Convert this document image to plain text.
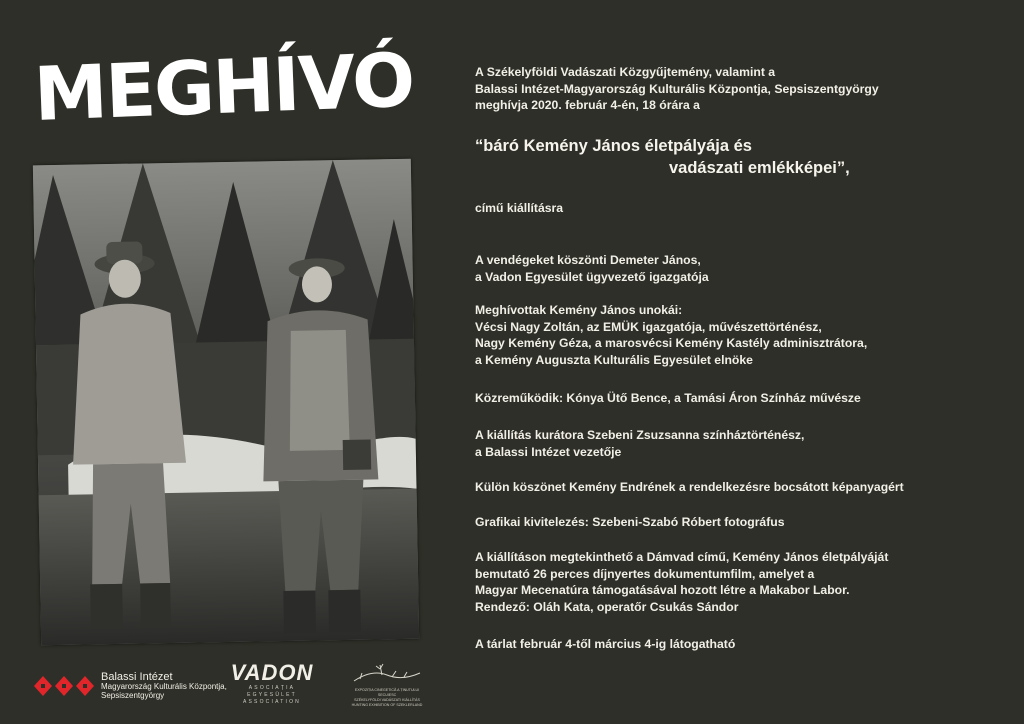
MEGHÍVÓ	A Székelyföldi Vadászati Közgyűjtemény, valamint a

Balassi Intézet-Magyarország Kulturális Központja, Sepsiszentgyörgy

meghívja 2020. február 4-én, 18 órára a

“báró Kemény János életpályája és
vadászati emlékképei”,

című kiállításra

A vendégeket köszönti Demeter János,

a Vadon Egyesület ügyvezető igazgatója

Meghívottak Kemény János unokái:

Vécsi Nagy Zoltán, az EMÜK igazgatója, művészettörténész,

Nagy Kemény Géza, a marosvécsi Kemény Kastély adminisztrátora,

a Kemény Auguszta Kulturális Egyesület elnöke

Közreműködik: Kónya Ütő Bence, a Tamási Áron Színház művésze

A kiállítás kurátora Szebeni Zsuzsanna színháztörténész,

a Balassi Intézet vezetője

Külön köszönet Kemény Endrének a rendelkezésre bocsátott képanyagért

Grafikai kivitelezés: Szebeni-Szabó Róbert fotográfus

A kiállításon megtekinthető a Dámvad című, Kemény János életpályáját

bemutató 26 perces díjnyertes dokumentumfilm, amelyet a

Magyar Mecenatúra támogatásával hozott létre a Makabor Labor.

Rendező: Oláh Kata, operatőr Csukás Sándor

A tárlat február 4-től március 4-ig látogatható

Balassi Intézet
Magyarország Kulturális Központja,
Sepsiszentgyörgy
VADON
ASOCIAȚIA
EGYESÜLET
ASSOCIATION
EXPOZIȚIA CINEGETICĂ A ȚINUTULUI SECUIESC
SZÉKELYFÖLDI VADÁSZATI KIÁLLÍTÁS
HUNTING EXHIBITION OF SZEKLERLAND
